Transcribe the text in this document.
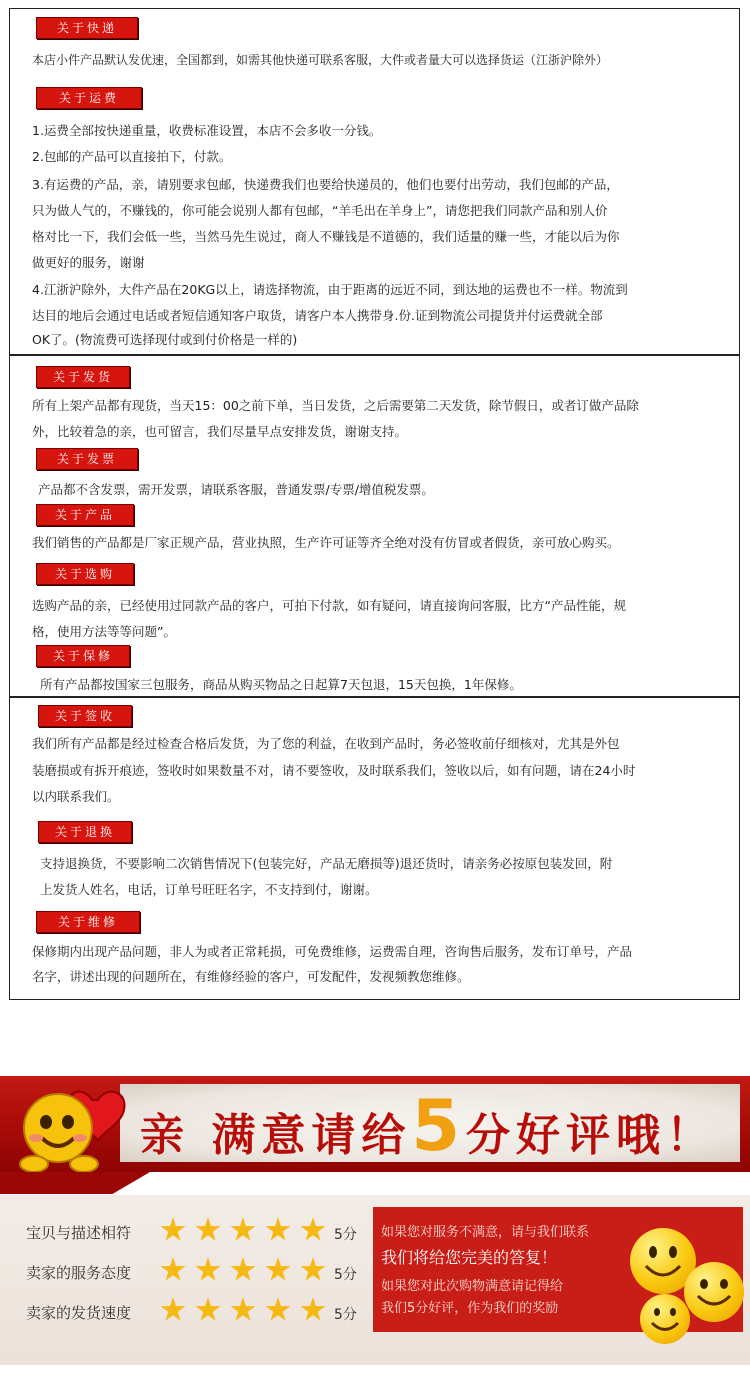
关于快递
本店小件产品默认发优速，全国都到，如需其他快递可联系客服，大件或者量大可以选择货运（江浙沪除外）
关于运费
1.运费全部按快递重量，收费标准设置，本店不会多收一分钱。
2.包邮的产品可以直接拍下，付款。
3.有运费的产品，亲，请别要求包邮，快递费我们也要给快递员的，他们也要付出劳动，我们包邮的产品，
只为做人气的，不赚钱的，你可能会说别人都有包邮，“羊毛出在羊身上”，请您把我们同款产品和别人价
格对比一下，我们会低一些，当然马先生说过，商人不赚钱是不道德的，我们适量的赚一些，才能以后为你
做更好的服务，谢谢
4.江浙沪除外，大件产品在20KG以上，请选择物流，由于距离的远近不同，到达地的运费也不一样。物流到
达目的地后会通过电话或者短信通知客户取货，请客户本人携带身.份.证到物流公司提货并付运费就全部
OK了。(物流费可选择现付或到付价格是一样的)
关于发货
所有上架产品都有现货，当天15：00之前下单，当日发货，之后需要第二天发货，除节假日，或者订做产品除
外，比较着急的亲，也可留言，我们尽量早点安排发货，谢谢支持。
关于发票
产品都不含发票，需开发票，请联系客服，普通发票/专票/增值税发票。
关于产品
我们销售的产品都是厂家正规产品，营业执照，生产许可证等齐全绝对没有仿冒或者假货，亲可放心购买。
关于选购
选购产品的亲，已经使用过同款产品的客户，可拍下付款，如有疑问，请直接询问客服，比方“产品性能，规
格，使用方法等等问题”。
关于保修
所有产品都按国家三包服务，商品从购买物品之日起算7天包退，15天包换，1年保修。
关于签收
我们所有产品都是经过检查合格后发货，为了您的利益，在收到产品时，务必签收前仔细核对，尤其是外包
装磨损或有拆开痕迹，签收时如果数量不对，请不要签收，及时联系我们，签收以后，如有问题，请在24小时
以内联系我们。
关于退换
支持退换货，不要影响二次销售情况下(包装完好，产品无磨损等)退还货时，请亲务必按原包装发回，附
上发货人姓名，电话，订单号旺旺名字，不支持到付，谢谢。
关于维修
保修期内出现产品问题，非人为或者正常耗损，可免费维修，运费需自理，咨询售后服务，发布订单号，产品
名字，讲述出现的问题所在，有维修经验的客户，可发配件，发视频教您维修。
亲 满意请给5分好评哦！
宝贝与描述相符
卖家的服务态度
卖家的发货速度
5分
5分
5分
如果您对服务不满意，请与我们联系
我们将给您完美的答复！
如果您对此次购物满意请记得给
我们5分好评，作为我们的奖励
